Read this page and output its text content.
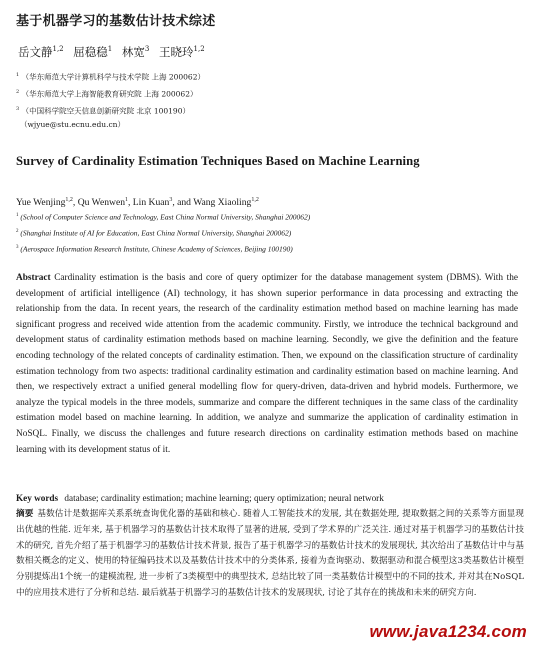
基于机器学习的基数估计技术综述
岳文静$^{1,2}$ 屈稳稳$^1$ 林宽$^3$ 王晓玲$^{1,2}$
$^1$ （华东师范大学计算机科学与技术学院 上海 200062）
$^2$ （华东师范大学上海智能教育研究院 上海 200062）
$^3$ （中国科学院空天信息创新研究院 北京 100190）
（wjyue@stu.ecnu.edu.cn）
Survey of Cardinality Estimation Techniques Based on Machine Learning
Yue Wenjing$^{1,2}$, Qu Wenwen$^1$, Lin Kuan$^3$, and Wang Xiaoling$^{1,2}$
$^1$ (School of Computer Science and Technology, East China Normal University, Shanghai 200062)
$^2$ (Shanghai Institute of AI for Education, East China Normal University, Shanghai 200062)
$^3$ (Aerospace Information Research Institute, Chinese Academy of Sciences, Beijing 100190)
Abstract Cardinality estimation is the basis and core of query optimizer for the database management system (DBMS). With the development of artificial intelligence (AI) technology, it has shown superior performance in data processing and extracting the relationship from the data. In recent years, the research of the cardinality estimation method based on machine learning has made significant progress and received wide attention from the academic community. Firstly, we introduce the technical background and development status of cardinality estimation methods based on machine learning. Secondly, we give the definition and the feature encoding technology of the related concepts of cardinality estimation. Then, we expound on the classification structure of cardinality estimation technology from two aspects: traditional cardinality estimation and cardinality estimation based on machine learning. And then, we respectively extract a unified general modelling flow for query-driven, data-driven and hybrid models. Furthermore, we analyze the typical models in the three models, summarize and compare the different techniques in the same class of the cardinality estimation model based on machine learning. In addition, we analyze and summarize the application of cardinality estimation in NoSQL. Finally, we discuss the challenges and future research directions on cardinality estimation methods based on machine learning with its development status of it.
Key words database; cardinality estimation; machine learning; query optimization; neural network
摘要 基数估计是数据库关系系统查询优化器的基础和核心. 随着人工智能技术的发展, 其在数据处理, 提取数据之间的关系等方面显现出优越的性能. 近年来, 基于机器学习的基数估计技术取得了显著的进展, 受到了学术界的广泛关注. 通过对基于机器学习的基数估计技术的研究, 首先介绍了基于机器学习的基数估计技术背景, 报告了基于机器学习的基数估计技术的发展现状, 其次给出了基数估计中与基数相关概念的定义、使用的特征编码技术以及基数估计技术中的分类体系, 接着为查询驱动、数据驱动和混合模型这3类基数估计模型分别提炼出1个统一的建模流程, 进一步析了3类模型中的典型技术, 总结比较了同一类基数估计模型中的不同的技术, 并对其在NoSQL中的应用技术进行了分析和总结. 最后就基于机器学习的基数估计技术的发展现状, 讨论了其存在的挑战和未来的研究方向.
www.java1234.com
